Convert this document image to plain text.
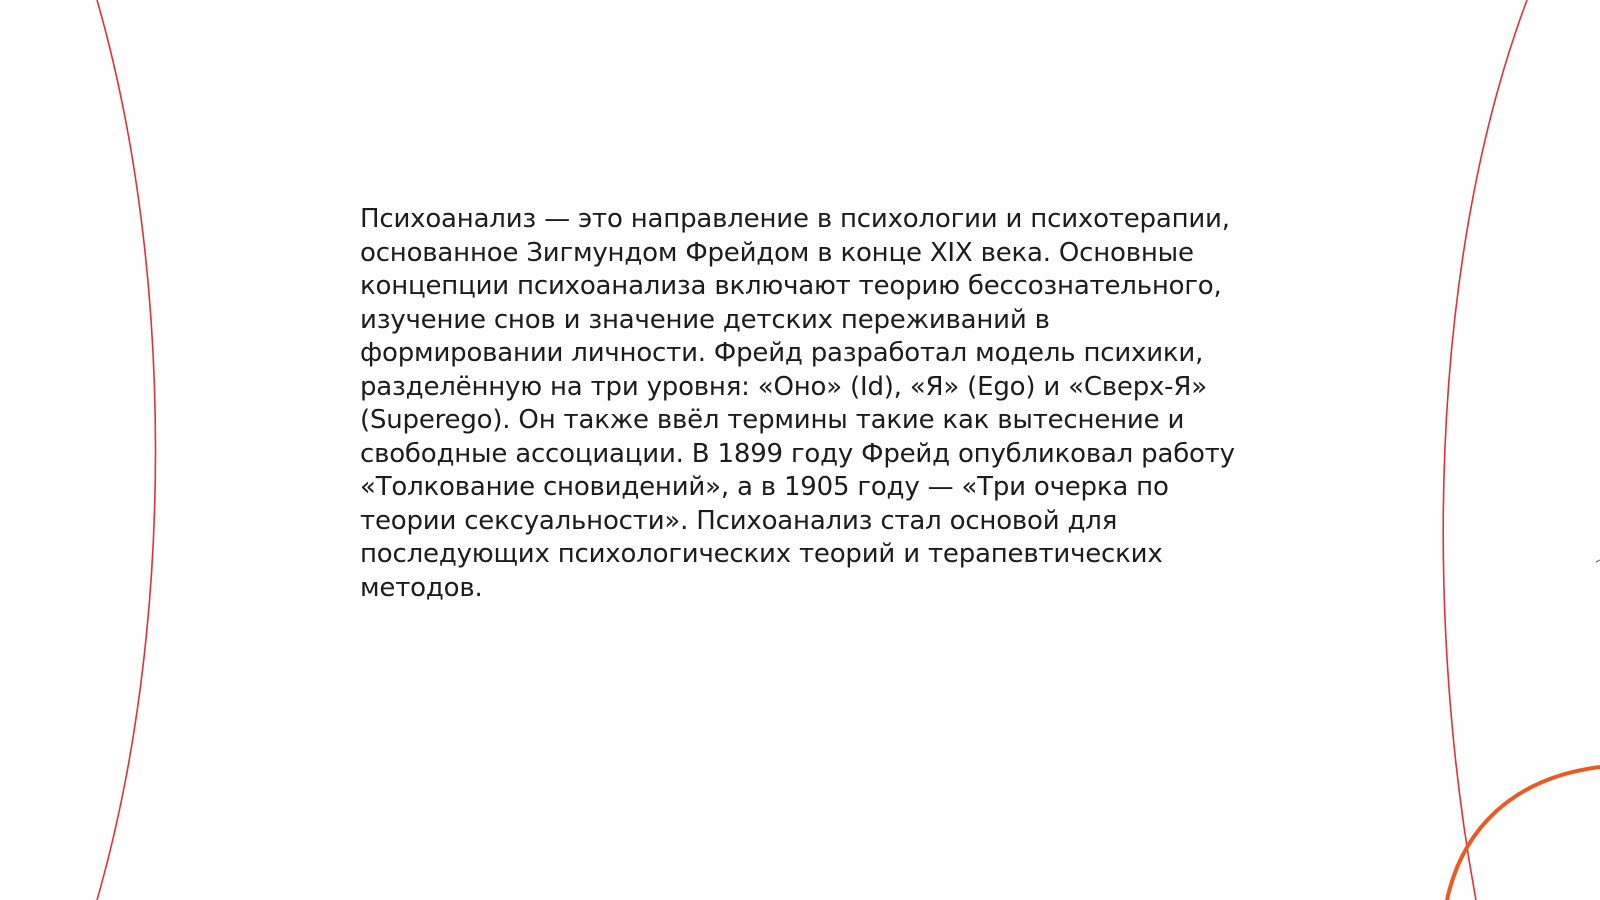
Психоанализ — это направление в психологии и психотерапии, основанное Зигмундом Фрейдом в конце XIX века. Основные концепции психоанализа включают теорию бессознательного, изучение снов и значение детских переживаний в формировании личности. Фрейд разработал модель психики, разделённую на три уровня: «Оно» (Id), «Я» (Ego) и «Сверх-Я» (Superego). Он также ввёл термины такие как вытеснение и свободные ассоциации. В 1899 году Фрейд опубликовал работу «Толкование сновидений», а в 1905 году — «Три очерка по теории сексуальности». Психоанализ стал основой для последующих психологических теорий и терапевтических методов.
